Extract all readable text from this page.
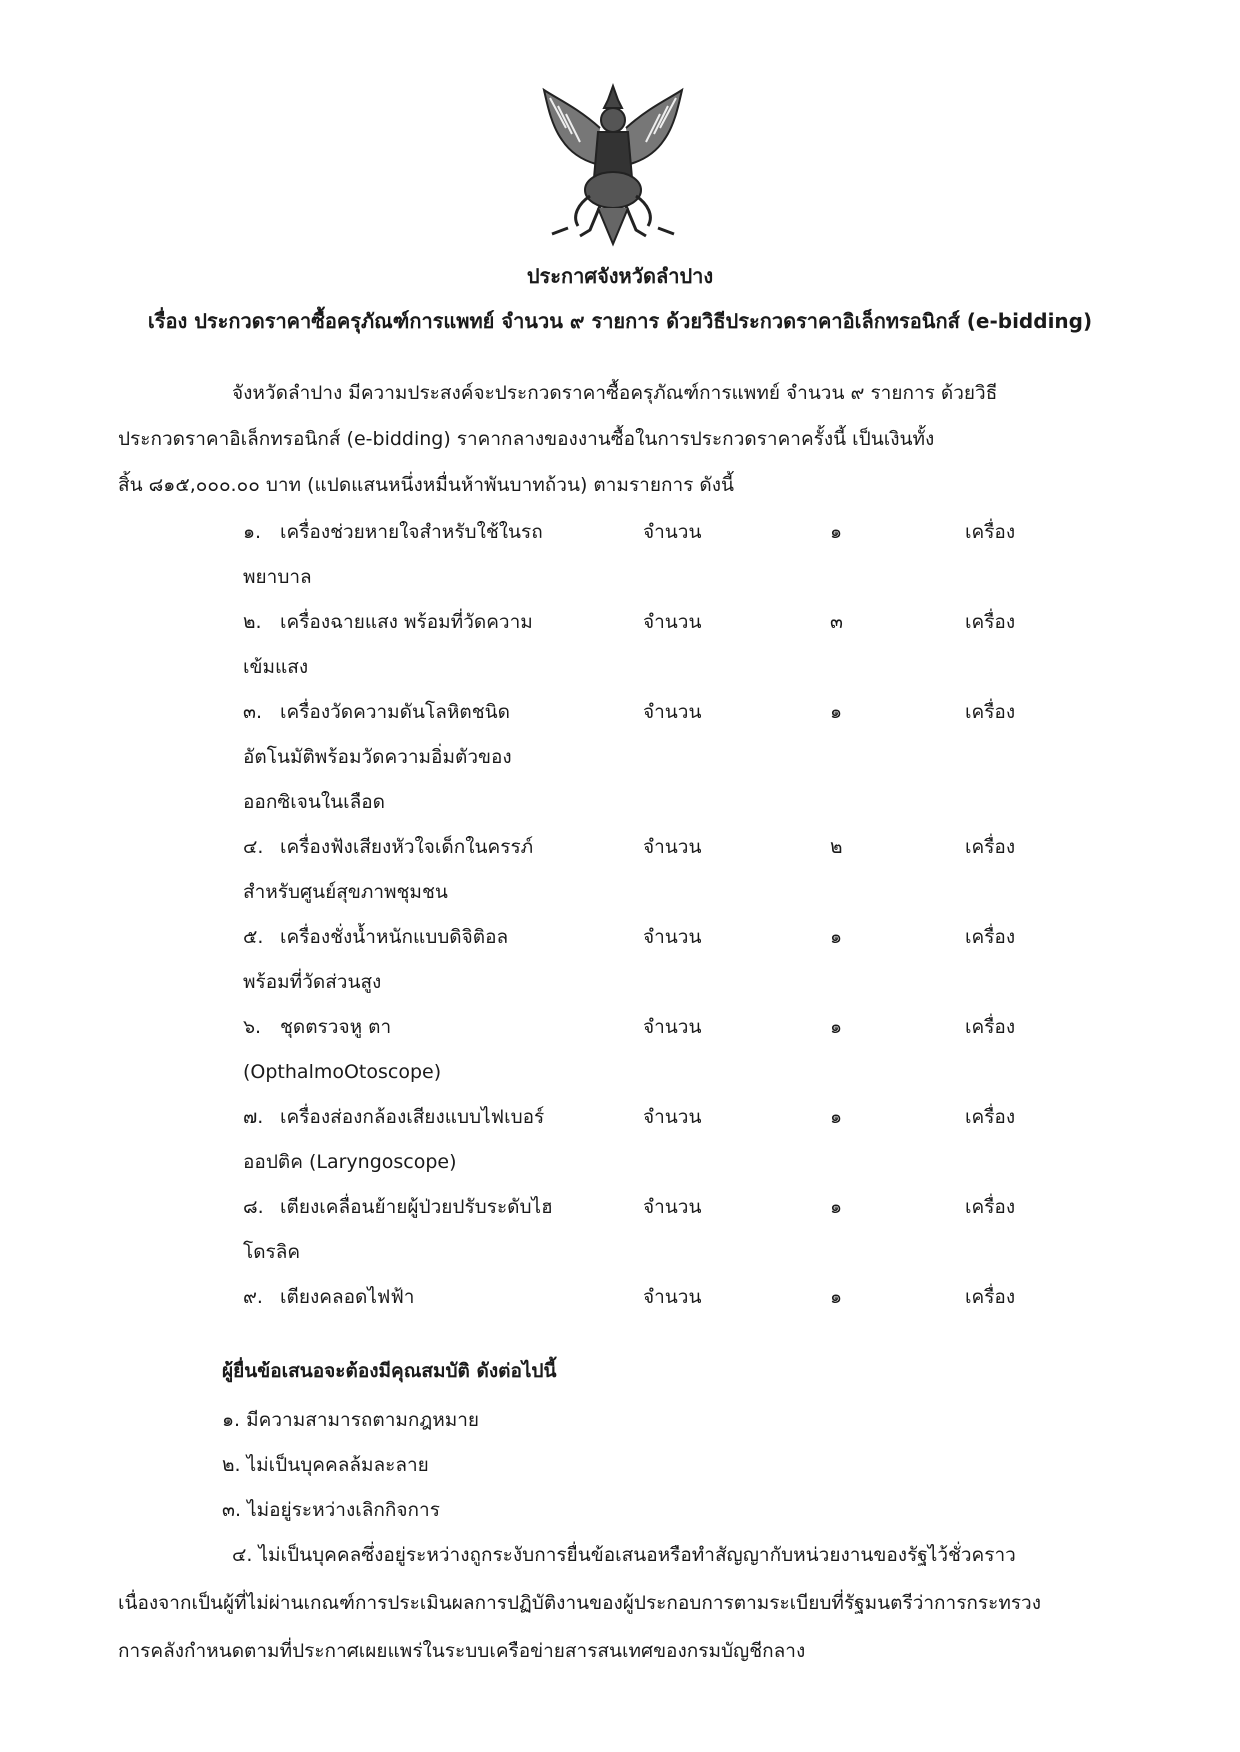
ประกาศจังหวัดลำปาง
เรื่อง ประกวดราคาซื้อครุภัณฑ์การแพทย์ จำนวน ๙ รายการ ด้วยวิธีประกวดราคาอิเล็กทรอนิกส์ (e-bidding)
จังหวัดลำปาง มีความประสงค์จะประกวดราคาซื้อครุภัณฑ์การแพทย์ จำนวน ๙ รายการ ด้วยวิธี
ประกวดราคาอิเล็กทรอนิกส์ (e-bidding) ราคากลางของงานซื้อในการประกวดราคาครั้งนี้ เป็นเงินทั้ง
สิ้น ๘๑๕,๐๐๐.๐๐ บาท (แปดแสนหนึ่งหมื่นห้าพันบาทถ้วน) ตามรายการ ดังนี้
๑. เครื่องช่วยหายใจสำหรับใช้ในรถ
พยาบาล
จำนวน	๑	เครื่อง
๒. เครื่องฉายแสง พร้อมที่วัดความ
เข้มแสง
จำนวน	๓	เครื่อง
๓. เครื่องวัดความดันโลหิตชนิด
อัตโนมัติพร้อมวัดความอิ่มตัวของ
ออกซิเจนในเลือด
จำนวน	๑	เครื่อง
๔. เครื่องฟังเสียงหัวใจเด็กในครรภ์
สำหรับศูนย์สุขภาพชุมชน
จำนวน	๒	เครื่อง
๕. เครื่องชั่งน้ำหนักแบบดิจิติอล
พร้อมที่วัดส่วนสูง
จำนวน	๑	เครื่อง
๖. ชุดตรวจหู ตา
(OpthalmoOtoscope)
จำนวน	๑	เครื่อง
๗. เครื่องส่องกล้องเสียงแบบไฟเบอร์
ออปติค (Laryngoscope)
จำนวน	๑	เครื่อง
๘. เตียงเคลื่อนย้ายผู้ป่วยปรับระดับไฮ
โดรลิค
จำนวน	๑	เครื่อง
๙. เตียงคลอดไฟฟ้า	จำนวน	๑	เครื่อง
ผู้ยื่นข้อเสนอจะต้องมีคุณสมบัติ ดังต่อไปนี้
๑. มีความสามารถตามกฎหมาย
๒. ไม่เป็นบุคคลล้มละลาย
๓. ไม่อยู่ระหว่างเลิกกิจการ
๔. ไม่เป็นบุคคลซึ่งอยู่ระหว่างถูกระงับการยื่นข้อเสนอหรือทำสัญญากับหน่วยงานของรัฐไว้ชั่วคราว
เนื่องจากเป็นผู้ที่ไม่ผ่านเกณฑ์การประเมินผลการปฏิบัติงานของผู้ประกอบการตามระเบียบที่รัฐมนตรีว่าการกระทรวง
การคลังกำหนดตามที่ประกาศเผยแพร่ในระบบเครือข่ายสารสนเทศของกรมบัญชีกลาง
